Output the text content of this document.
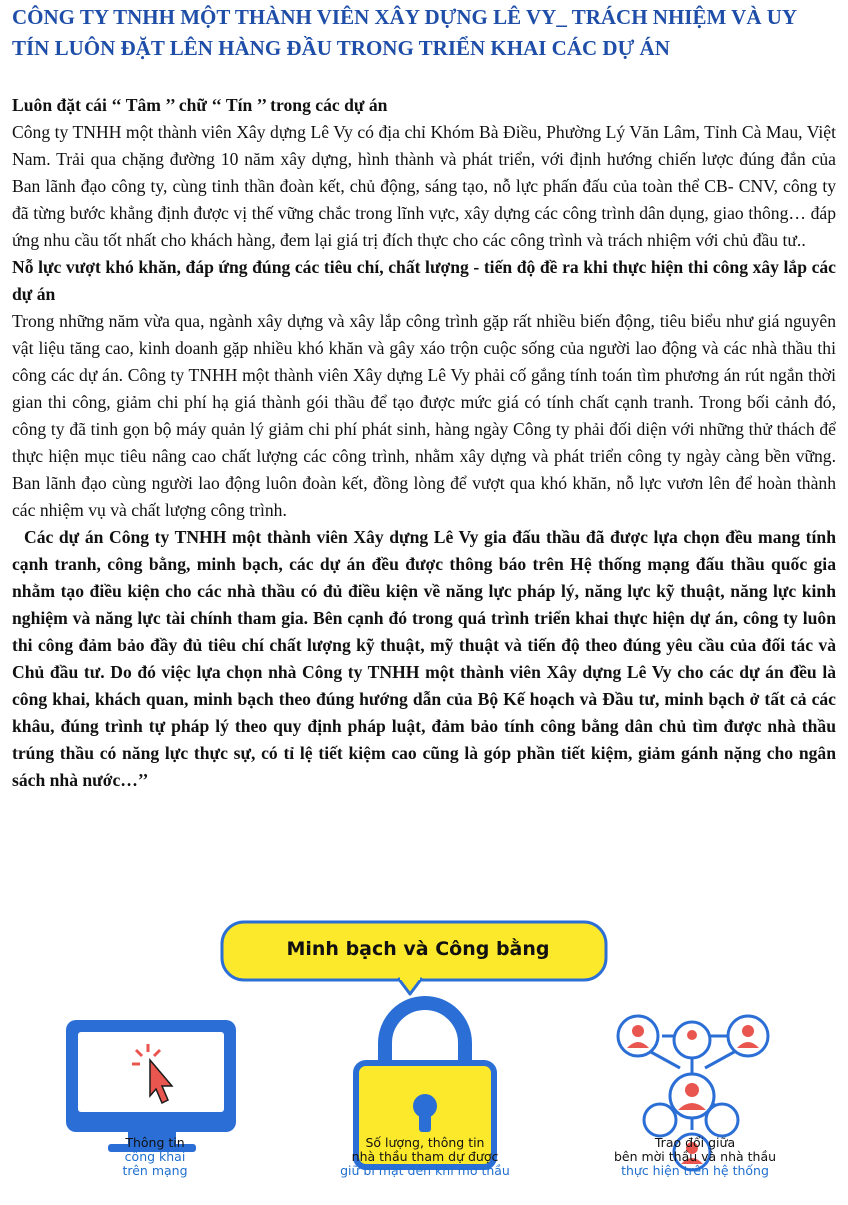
CÔNG TY TNHH MỘT THÀNH VIÊN XÂY DỰNG LÊ VY_ TRÁCH NHIỆM VÀ UY TÍN LUÔN ĐẶT LÊN HÀNG ĐẦU TRONG TRIỂN KHAI CÁC DỰ ÁN

Luôn đặt cái ‘‘ Tâm ’’ chữ ‘‘ Tín ’’ trong các dự án

Công ty TNHH một thành viên Xây dựng Lê Vy có địa chỉ Khóm Bà Điều, Phường Lý Văn Lâm, Tỉnh Cà Mau, Việt Nam. Trải qua chặng đường 10 năm xây dựng, hình thành và phát triển, với định hướng chiến lược đúng đắn của Ban lãnh đạo công ty, cùng tinh thần đoàn kết, chủ động, sáng tạo, nỗ lực phấn đấu của toàn thể CB- CNV, công ty đã từng bước khẳng định được vị thế vững chắc trong lĩnh vực, xây dựng các công trình dân dụng, giao thông… đáp ứng nhu cầu tốt nhất cho khách hàng, đem lại giá trị đích thực cho các công trình và trách nhiệm với chủ đầu tư..

Nỗ lực vượt khó khăn, đáp ứng đúng các tiêu chí, chất lượng - tiến độ đề ra khi thực hiện thi công xây lắp các dự án

Trong những năm vừa qua, ngành xây dựng và xây lắp công trình gặp rất nhiều biến động, tiêu biểu như giá nguyên vật liệu tăng cao, kinh doanh gặp nhiều khó khăn và gây xáo trộn cuộc sống của người lao động và các nhà thầu thi công các dự án. Công ty TNHH một thành viên Xây dựng Lê Vy phải cố gắng tính toán tìm phương án rút ngắn thời gian thi công, giảm chi phí hạ giá thành gói thầu để tạo được mức giá có tính chất cạnh tranh. Trong bối cảnh đó, công ty đã tinh gọn bộ máy quản lý giảm chi phí phát sinh, hàng ngày Công ty phải đối diện với những thử thách để thực hiện mục tiêu nâng cao chất lượng các công trình, nhằm xây dựng và phát triển công ty ngày càng bền vững. Ban lãnh đạo cùng người lao động luôn đoàn kết, đồng lòng để vượt qua khó khăn, nỗ lực vươn lên để hoàn thành các nhiệm vụ và chất lượng công trình.

Các dự án Công ty TNHH một thành viên Xây dựng Lê Vy gia đấu thầu đã được lựa chọn đều mang tính cạnh tranh, công bằng, minh bạch, các dự án đều được thông báo trên Hệ thống mạng đấu thầu quốc gia nhằm tạo điều kiện cho các nhà thầu có đủ điều kiện về năng lực pháp lý, năng lực kỹ thuật, năng lực kinh nghiệm và năng lực tài chính tham gia. Bên cạnh đó trong quá trình triển khai thực hiện dự án, công ty luôn thi công đảm bảo đầy đủ tiêu chí chất lượng kỹ thuật, mỹ thuật và tiến độ theo đúng yêu cầu của đối tác và Chủ đầu tư. Do đó việc lựa chọn nhà Công ty TNHH một thành viên Xây dựng Lê Vy cho các dự án đều là công khai, khách quan, minh bạch theo đúng hướng dẫn của Bộ Kế hoạch và Đầu tư, minh bạch ở tất cả các khâu, đúng trình tự pháp lý theo quy định pháp luật, đảm bảo tính công bằng dân chủ tìm được nhà thầu trúng thầu có năng lực thực sự, có tỉ lệ tiết kiệm cao cũng là góp phần tiết kiệm, giảm gánh nặng cho ngân sách nhà nước…’’

Minh bạch và Công bằng
Thông tin
công khai
trên mạng
Số lượng, thông tin
nhà thầu tham dự được
giữ bí mật đến khi mở thầu
Trao đổi giữa
bên mời thầu và nhà thầu
thực hiện trên hệ thống
